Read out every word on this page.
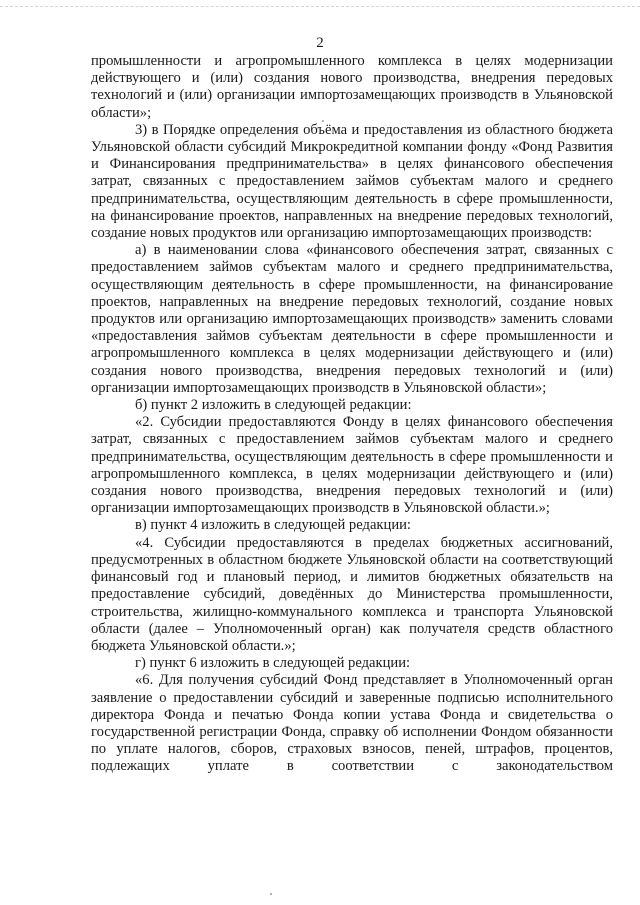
2

промышленности и агропромышленного комплекса в целях модернизации действующего и (или) создания нового производства, внедрения передовых технологий и (или) организации импортозамещающих производств в Ульяновской области»;

3) в Порядке определения объёма и предоставления из областного бюджета Ульяновской области субсидий Микрокредитной компании фонду «Фонд Развития и Финансирования предпринимательства» в целях финансового обеспечения затрат, связанных с предоставлением займов субъектам малого и среднего предпринимательства, осуществляющим деятельность в сфере промышленности, на финансирование проектов, направленных на внедрение передовых технологий, создание новых продуктов или организацию импортозамещающих производств:

а) в наименовании слова «финансового обеспечения затрат, связанных с предоставлением займов субъектам малого и среднего предпринимательства, осуществляющим деятельность в сфере промышленности, на финансирование проектов, направленных на внедрение передовых технологий, создание новых продуктов или организацию импортозамещающих производств» заменить словами «предоставления займов субъектам деятельности в сфере промышленности и агропромышленного комплекса в целях модернизации действующего и (или) создания нового производства, внедрения передовых технологий и (или) организации импортозамещающих производств в Ульяновской области»;

б) пункт 2 изложить в следующей редакции:

«2. Субсидии предоставляются Фонду в целях финансового обеспечения затрат, связанных с предоставлением займов субъектам малого и среднего предпринимательства, осуществляющим деятельность в сфере промышленности и агропромышленного комплекса, в целях модернизации действующего и (или) создания нового производства, внедрения передовых технологий и (или) организации импортозамещающих производств в Ульяновской области.»;

в) пункт 4 изложить в следующей редакции:

«4. Субсидии предоставляются в пределах бюджетных ассигнований, предусмотренных в областном бюджете Ульяновской области на соответствующий финансовый год и плановый период, и лимитов бюджетных обязательств на предоставление субсидий, доведённых до Министерства промышленности, строительства, жилищно-коммунального комплекса и транспорта Ульяновской области (далее – Уполномоченный орган) как получателя средств областного бюджета Ульяновской области.»;

г) пункт 6 изложить в следующей редакции:

«6. Для получения субсидий Фонд представляет в Уполномоченный орган заявление о предоставлении субсидий и заверенные подписью исполнительного директора Фонда и печатью Фонда копии устава Фонда и свидетельства о государственной регистрации Фонда, справку об исполнении Фондом обязанности по уплате налогов, сборов, страховых взносов, пеней, штрафов, процентов, подлежащих уплате в соответствии с законодательством
